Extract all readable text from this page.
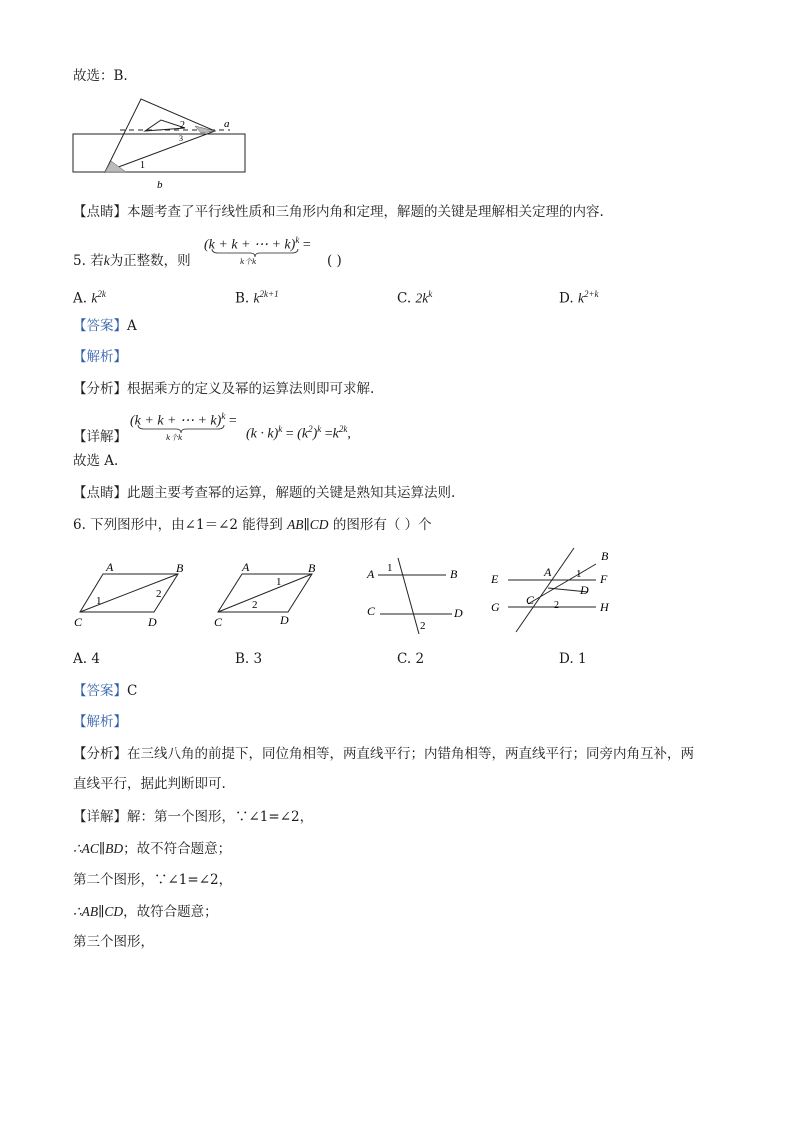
故选：B.
a
b
1
2
3
【点睛】本题考查了平行线性质和三角形内角和定理，解题的关键是理解相关定理的内容.
5. 若k为正整数，则
(k + k + ⋯ + k)$^k$ =
k个k	( )
A. $k^{2k}$	B. $k^{2k+1}$	C. $2k^k$	D. $k^{2+k}$
【答案】A
【解析】
【分析】根据乘方的定义及幂的运算法则即可求解.
【详解】
(k + k + ⋯ + k)$^k$ =
k个k	$(k \cdot k)^k = (k^2)^k =k^{2k}$,
故选 A.
【点睛】此题主要考查幂的运算，解题的关键是熟知其运算法则.
6. 下列图形中，由∠1＝∠2 能得到 AB∥CD 的图形有（ ）个
A	B
C	D
1
2
A	B
C	D
1
2
A	B
C	D
1
2
E	F
G	H
A
B
C
D
1
2
A. 4	B. 3	C. 2	D. 1
【答案】C
【解析】
【分析】在三线八角的前提下，同位角相等，两直线平行；内错角相等，两直线平行；同旁内角互补，两
直线平行，据此判断即可.
【详解】解：第一个图形，∵∠1=∠2，
∴AC∥BD；故不符合题意；
第二个图形，∵∠1=∠2，
∴AB∥CD，故符合题意；
第三个图形，
